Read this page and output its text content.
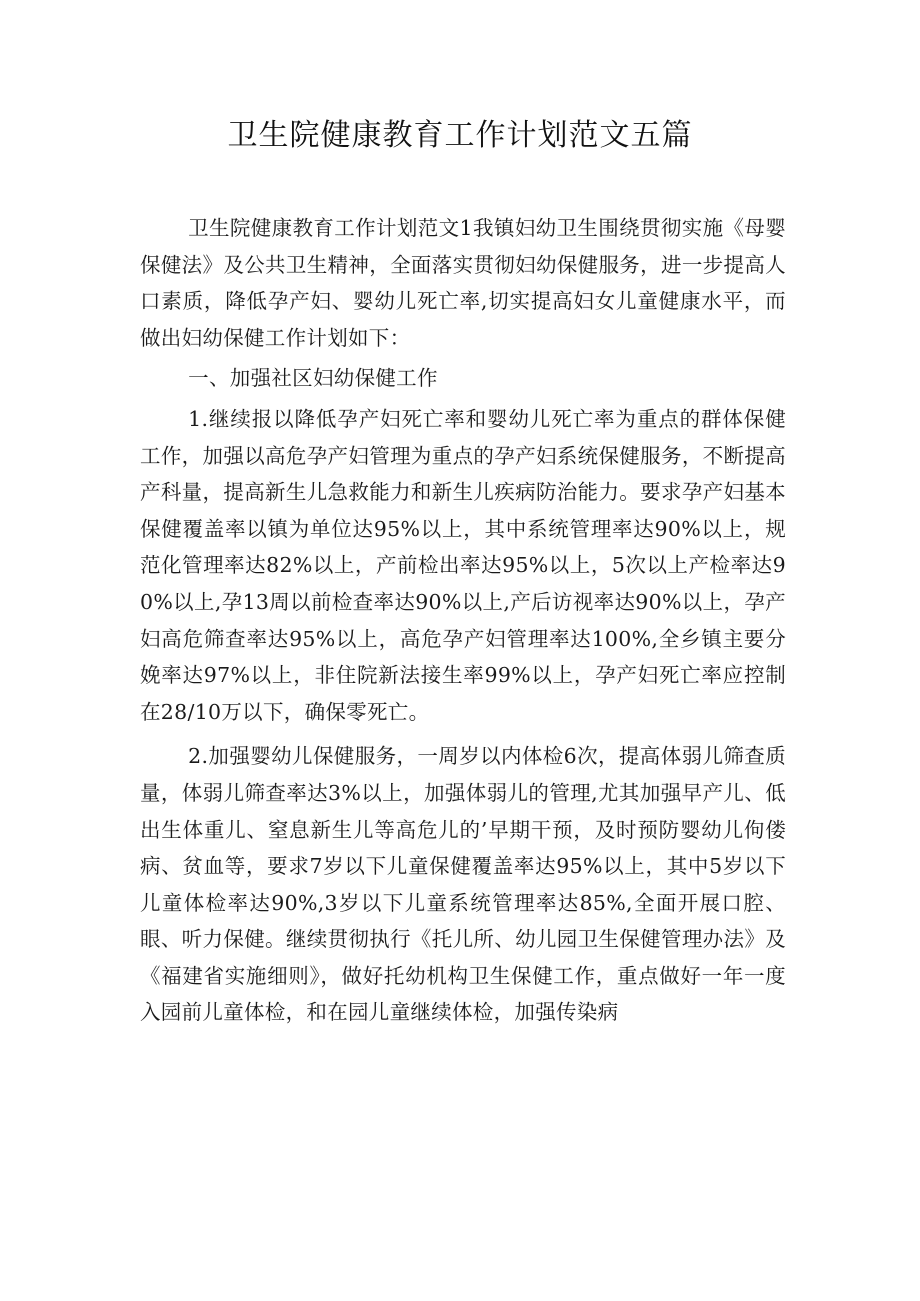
卫生院健康教育工作计划范文五篇

卫生院健康教育工作计划范文1我镇妇幼卫生围绕贯彻实施《母婴保健法》及公共卫生精神，全面落实贯彻妇幼保健服务，进一步提高人口素质，降低孕产妇、婴幼儿死亡率,切实提高妇女儿童健康水平，而做出妇幼保健工作计划如下：

一、加强社区妇幼保健工作

1.继续报以降低孕产妇死亡率和婴幼儿死亡率为重点的群体保健工作，加强以高危孕产妇管理为重点的孕产妇系统保健服务，不断提高产科量，提高新生儿急救能力和新生儿疾病防治能力。要求孕产妇基本保健覆盖率以镇为单位达95%以上，其中系统管理率达90%以上，规范化管理率达82%以上，产前检出率达95%以上，5次以上产检率达90%以上,孕13周以前检查率达90%以上,产后访视率达90%以上，孕产妇高危筛查率达95%以上，高危孕产妇管理率达100%,全乡镇主要分娩率达97%以上，非住院新法接生率99%以上，孕产妇死亡率应控制在28/10万以下，确保零死亡。

2.加强婴幼儿保健服务，一周岁以内体检6次，提高体弱儿筛查质量，体弱儿筛查率达3%以上，加强体弱儿的管理,尤其加强早产儿、低出生体重儿、窒息新生儿等高危儿的’早期干预，及时预防婴幼儿佝偻病、贫血等，要求7岁以下儿童保健覆盖率达95%以上，其中5岁以下儿童体检率达90%,3岁以下儿童系统管理率达85%,全面开展口腔、眼、听力保健。继续贯彻执行《托儿所、幼儿园卫生保健管理办法》及《福建省实施细则》，做好托幼机构卫生保健工作，重点做好一年一度入园前儿童体检，和在园儿童继续体检，加强传染病
